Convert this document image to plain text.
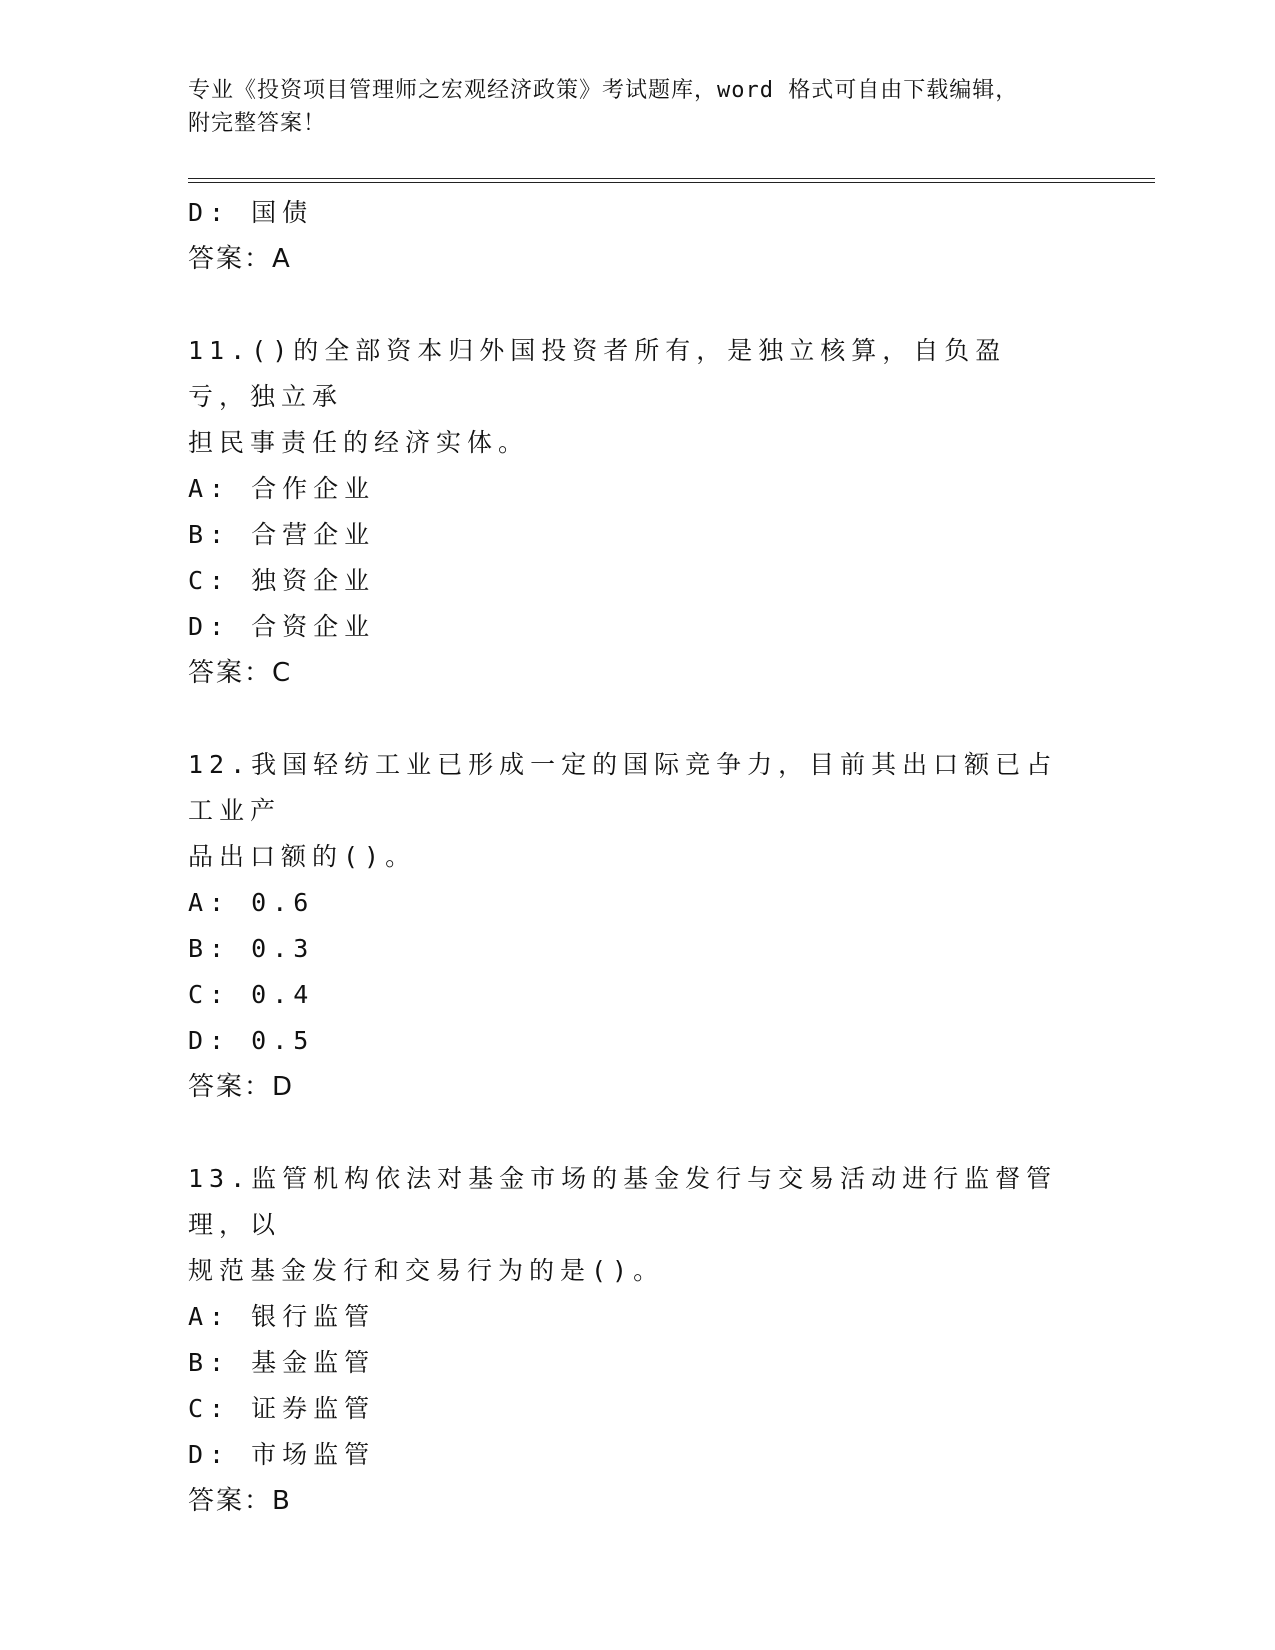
专业《投资项目管理师之宏观经济政策》考试题库，word 格式可自由下载编辑，
附完整答案！
D: 国债
答案：A
11.()的全部资本归外国投资者所有，是独立核算，自负盈亏，独立承
担民事责任的经济实体。
A: 合作企业
B: 合营企业
C: 独资企业
D: 合资企业
答案：C
12.我国轻纺工业已形成一定的国际竞争力，目前其出口额已占工业产
品出口额的()。
A: 0.6
B: 0.3
C: 0.4
D: 0.5
答案：D
13.监管机构依法对基金市场的基金发行与交易活动进行监督管理，以
规范基金发行和交易行为的是()。
A: 银行监管
B: 基金监管
C: 证券监管
D: 市场监管
答案：B
